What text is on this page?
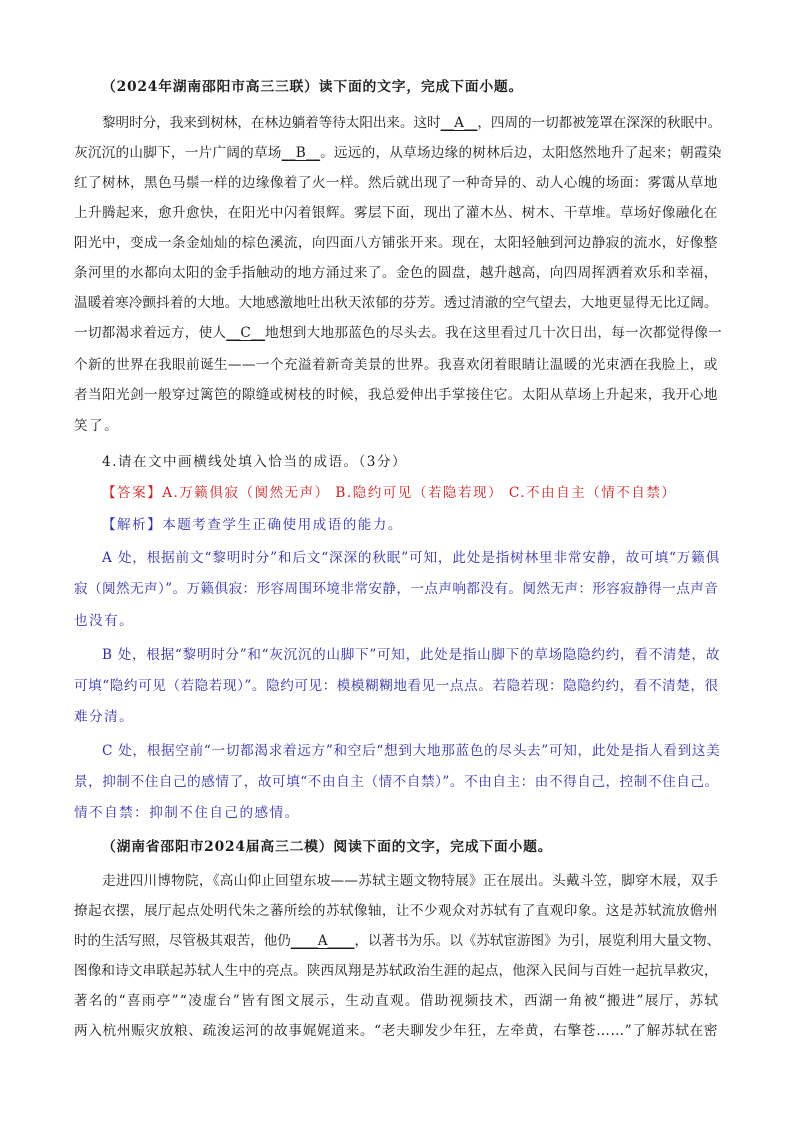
（2024年湖南邵阳市高三三联）读下面的文字，完成下面小题。
黎明时分，我来到树林，在林边躺着等待太阳出来。这时__A__，四周的一切都被笼罩在深深的秋眠中。
灰沉沉的山脚下，一片广阔的草场__B__。远远的，从草场边缘的树林后边，太阳悠然地升了起来；朝霞染
红了树林，黑色马鬃一样的边缘像着了火一样。然后就出现了一种奇异的、动人心魄的场面：雾霭从草地
上升腾起来，愈升愈快，在阳光中闪着银辉。雾层下面，现出了灌木丛、树木、干草堆。草场好像融化在
阳光中，变成一条金灿灿的棕色溪流，向四面八方铺张开来。现在，太阳轻触到河边静寂的流水，好像整
条河里的水都向太阳的金手指触动的地方涌过来了。金色的圆盘，越升越高，向四周挥洒着欢乐和幸福，
温暖着寒冷颤抖着的大地。大地感激地吐出秋天浓郁的芬芳。透过清澈的空气望去，大地更显得无比辽阔。
一切都渴求着远方，使人__C__地想到大地那蓝色的尽头去。我在这里看过几十次日出，每一次都觉得像一
个新的世界在我眼前诞生——一个充溢着新奇美景的世界。我喜欢闭着眼睛让温暖的光束洒在我脸上，或
者当阳光剑一般穿过篱笆的隙缝或树枝的时候，我总爱伸出手掌接住它。太阳从草场上升起来，我开心地
笑了。
4.请在文中画横线处填入恰当的成语。（3分）
【答案】A.万籁俱寂（阒然无声） B.隐约可见（若隐若现） C.不由自主（情不自禁）
【解析】本题考查学生正确使用成语的能力。
A 处，根据前文“黎明时分”和后文“深深的秋眠”可知，此处是指树林里非常安静，故可填“万籁俱
寂（阒然无声）”。万籁俱寂：形容周围环境非常安静，一点声响都没有。阒然无声：形容寂静得一点声音
也没有。
B 处，根据“黎明时分”和“灰沉沉的山脚下”可知，此处是指山脚下的草场隐隐约约，看不清楚，故
可填“隐约可见（若隐若现）”。隐约可见：模模糊糊地看见一点点。若隐若现：隐隐约约，看不清楚，很
难分清。
C 处，根据空前“一切都渴求着远方”和空后“想到大地那蓝色的尽头去”可知，此处是指人看到这美
景，抑制不住自己的感情了，故可填“不由自主（情不自禁）”。不由自主：由不得自己，控制不住自己。
情不自禁：抑制不住自己的感情。
（湖南省邵阳市2024届高三二模）阅读下面的文字，完成下面小题。
走进四川博物院，《高山仰止回望东坡——苏轼主题文物特展》正在展出。头戴斗笠，脚穿木屐，双手
撩起衣摆，展厅起点处明代朱之蕃所绘的苏轼像轴，让不少观众对苏轼有了直观印象。这是苏轼流放儋州
时的生活写照，尽管极其艰苦，他仍____A____，以著书为乐。以《苏轼宦游图》为引，展览利用大量文物、
图像和诗文串联起苏轼人生中的亮点。陕西凤翔是苏轼政治生涯的起点，他深入民间与百姓一起抗旱救灾，
著名的“喜雨亭”“凌虚台”皆有图文展示，生动直观。借助视频技术，西湖一角被“搬进”展厅，苏轼
两入杭州赈灾放粮、疏浚运河的故事娓娓道来。“老夫聊发少年狂，左牵黄，右擎苍……”了解苏轼在密
